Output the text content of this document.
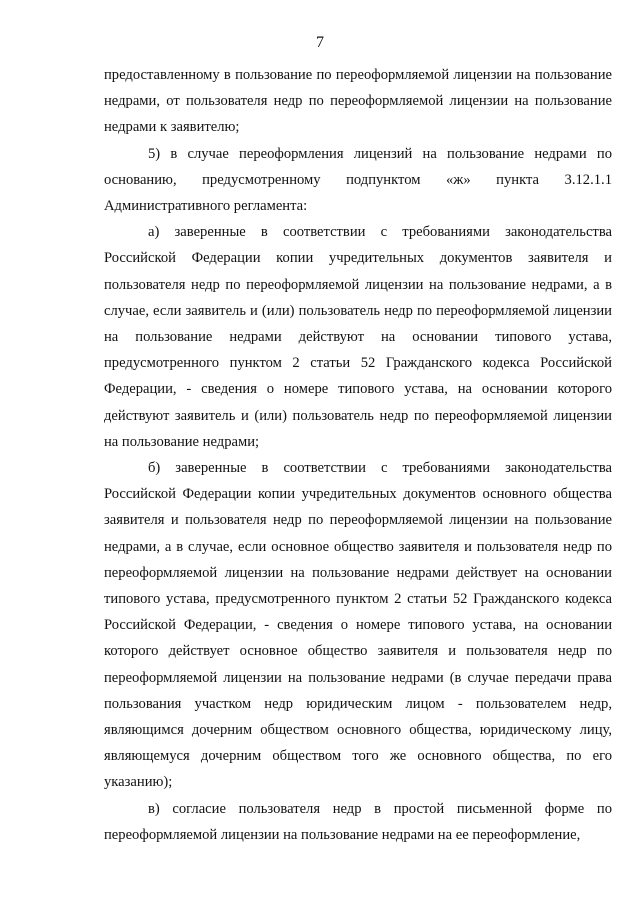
7

предоставленному в пользование по переоформляемой лицензии на пользование недрами, от пользователя недр по переоформляемой лицензии на пользование недрами к заявителю;

5) в случае переоформления лицензий на пользование недрами по основанию, предусмотренному подпунктом «ж» пункта 3.12.1.1 Административного регламента:

а) заверенные в соответствии с требованиями законодательства Российской Федерации копии учредительных документов заявителя и пользователя недр по переоформляемой лицензии на пользование недрами, а в случае, если заявитель и (или) пользователь недр по переоформляемой лицензии на пользование недрами действуют на основании типового устава, предусмотренного пунктом 2 статьи 52 Гражданского кодекса Российской Федерации, - сведения о номере типового устава, на основании которого действуют заявитель и (или) пользователь недр по переоформляемой лицензии на пользование недрами;

б) заверенные в соответствии с требованиями законодательства Российской Федерации копии учредительных документов основного общества заявителя и пользователя недр по переоформляемой лицензии на пользование недрами, а в случае, если основное общество заявителя и пользователя недр по переоформляемой лицензии на пользование недрами действует на основании типового устава, предусмотренного пунктом 2 статьи 52 Гражданского кодекса Российской Федерации, - сведения о номере типового устава, на основании которого действует основное общество заявителя и пользователя недр по переоформляемой лицензии на пользование недрами (в случае передачи права пользования участком недр юридическим лицом - пользователем недр, являющимся дочерним обществом основного общества, юридическому лицу, являющемуся дочерним обществом того же основного общества, по его указанию);

в) согласие пользователя недр в простой письменной форме по переоформляемой лицензии на пользование недрами на ее переоформление,
